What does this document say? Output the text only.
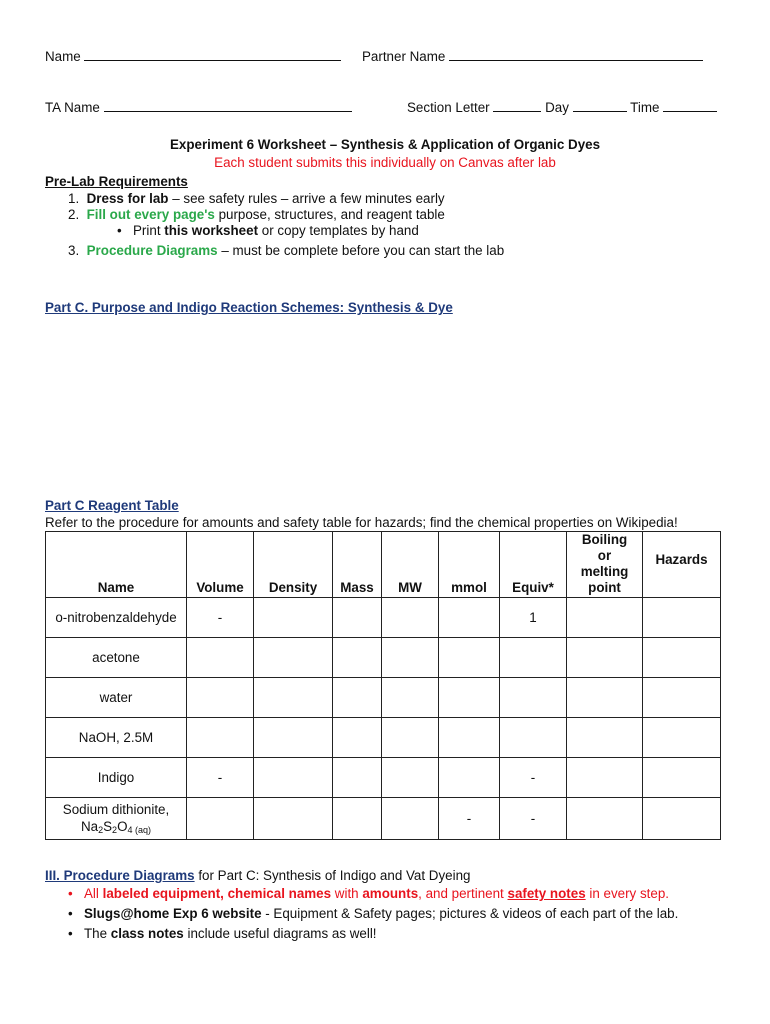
Name	Partner Name
TA Name	Section Letter	Day	Time
Experiment 6 Worksheet – Synthesis & Application of Organic Dyes
Each student submits this individually on Canvas after lab
Pre-Lab Requirements
1. Dress for lab – see safety rules – arrive a few minutes early
2. Fill out every page's purpose, structures, and reagent table
• Print this worksheet or copy templates by hand
3. Procedure Diagrams – must be complete before you can start the lab
Part C. Purpose and Indigo Reaction Schemes: Synthesis & Dye
Part C Reagent Table
Refer to the procedure for amounts and safety table for hazards; find the chemical properties on Wikipedia!
Name	Volume	Density	Mass	MW	mmol	Equiv*	Boiling
or
melting
point	Hazards
o-nitrobenzaldehyde	-					1		
acetone								
water								
NaOH, 2.5M								
Indigo	-					-		

Sodium dithionite,
$Na_2S_2O_4$ $_{(aq)}$					-	-		
III. Procedure Diagrams for Part C: Synthesis of Indigo and Vat Dyeing
• All labeled equipment, chemical names with amounts, and pertinent safety notes in every step.
• Slugs@home Exp 6 website - Equipment & Safety pages; pictures & videos of each part of the lab.
• The class notes include useful diagrams as well!
